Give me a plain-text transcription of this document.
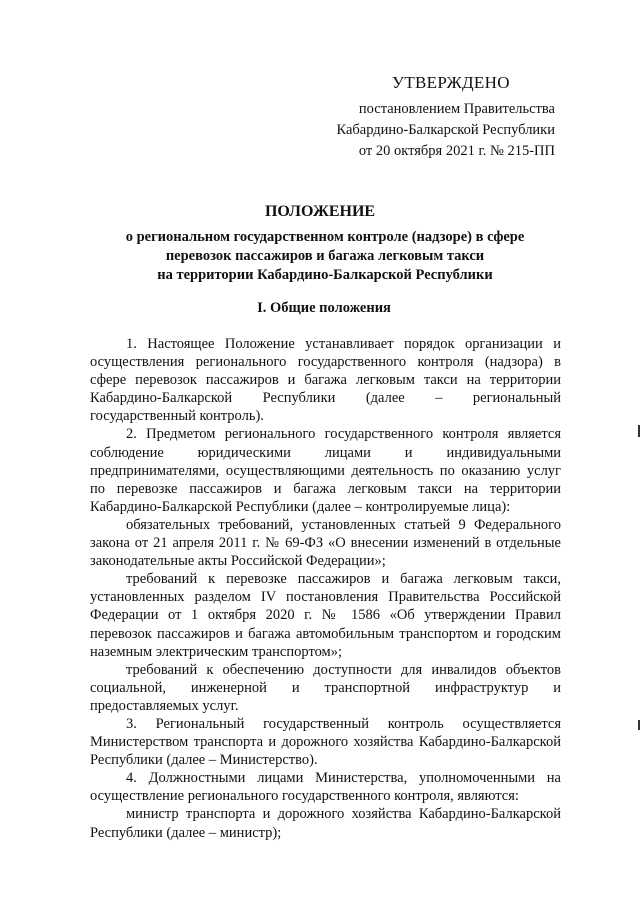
УТВЕРЖДЕНО
постановлением Правительства
Кабардино-Балкарской Республики
от 20 октября 2021 г. № 215-ПП
ПОЛОЖЕНИЕ
о региональном государственном контроле (надзоре) в сфере
перевозок пассажиров и багажа легковым такси
на территории Кабардино-Балкарской Республики
I. Общие положения

1. Настоящее Положение устанавливает порядок организации и осуществления регионального государственного контроля (надзора) в сфере перевозок пассажиров и багажа легковым такси на территории Кабардино-Балкарской Республики (далее – региональный государственный контроль).

2. Предметом регионального государственного контроля является соблюдение юридическими лицами и индивидуальными предпринимателями, осуществляющими деятельность по оказанию услуг по перевозке пассажиров и багажа легковым такси на территории Кабардино-Балкарской Республики (далее – контролируемые лица):

обязательных требований, установленных статьей 9 Федерального закона от 21 апреля 2011 г. № 69-ФЗ «О внесении изменений в отдельные законодательные акты Российской Федерации»;

требований к перевозке пассажиров и багажа легковым такси, установленных разделом IV постановления Правительства Российской Федерации от 1 октября 2020 г. № 1586 «Об утверждении Правил перевозок пассажиров и багажа автомобильным транспортом и городским наземным электрическим транспортом»;

требований к обеспечению доступности для инвалидов объектов социальной, инженерной и транспортной инфраструктур и предоставляемых услуг.

3. Региональный государственный контроль осуществляется Министерством транспорта и дорожного хозяйства Кабардино-Балкарской Республики (далее – Министерство).

4. Должностными лицами Министерства, уполномоченными на осуществление регионального государственного контроля, являются:

министр транспорта и дорожного хозяйства Кабардино-Балкарской Республики (далее – министр);
